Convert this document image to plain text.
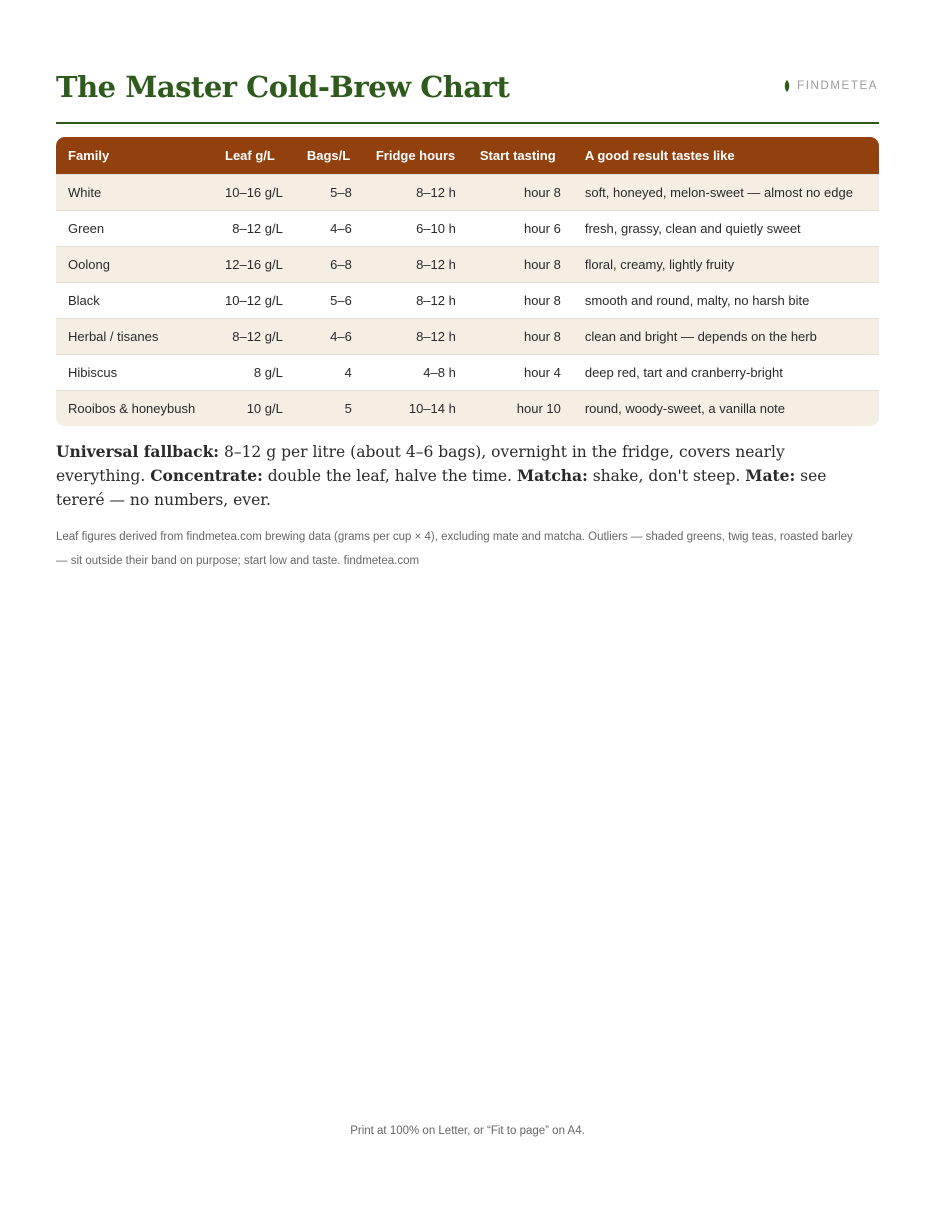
The Master Cold-Brew Chart	FINDMETEA
Family	Leaf g/L	Bags/L	Fridge hours	Start tasting	A good result tastes like
White	10–16 g/L	5–8	8–12 h	hour 8	soft, honeyed, melon-sweet — almost no edge
Green	8–12 g/L	4–6	6–10 h	hour 6	fresh, grassy, clean and quietly sweet
Oolong	12–16 g/L	6–8	8–12 h	hour 8	floral, creamy, lightly fruity
Black	10–12 g/L	5–6	8–12 h	hour 8	smooth and round, malty, no harsh bite
Herbal / tisanes	8–12 g/L	4–6	8–12 h	hour 8	clean and bright — depends on the herb
Hibiscus	8 g/L	4	4–8 h	hour 4	deep red, tart and cranberry-bright
Rooibos & honeybush	10 g/L	5	10–14 h	hour 10	round, woody-sweet, a vanilla note

Universal fallback: 8–12 g per litre (about 4–6 bags), overnight in the fridge, covers nearly everything. Concentrate: double the leaf, halve the time. Matcha: shake, don't steep. Mate: see tereré — no numbers, ever.

Leaf figures derived from findmetea.com brewing data (grams per cup × 4), excluding mate and matcha. Outliers — shaded greens, twig teas, roasted barley — sit outside their band on purpose; start low and taste. findmetea.com

Print at 100% on Letter, or “Fit to page” on A4.
